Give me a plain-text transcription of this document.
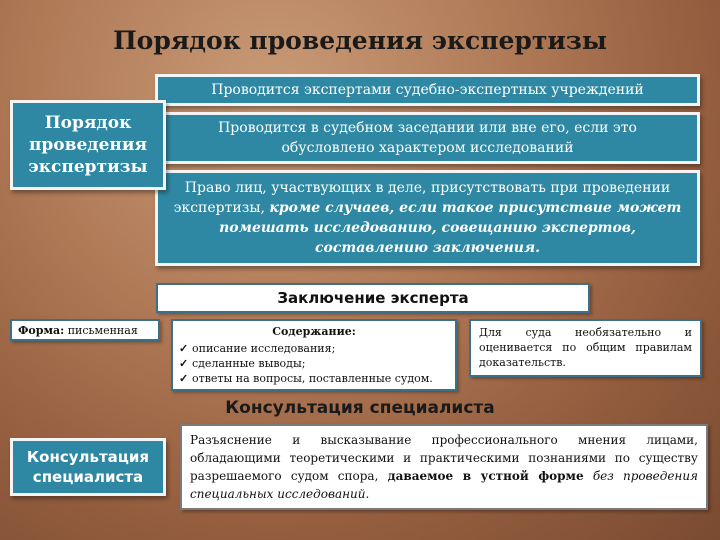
Порядок проведения экспертизы
Порядок проведения экспертизы
Проводится экспертами судебно-экспертных учреждений
Проводится в судебном заседании или вне его, если это обусловлено характером исследований
Право лиц, участвующих в деле, присутствовать при проведении экспертизы, кроме случаев, если такое присутствие может помешать исследованию, совещанию экспертов, составлению заключения.
Заключение эксперта
Форма: письменная	Содержание:
✓ описание исследования;
✓ сделанные выводы;
✓ ответы на вопросы, поставленные судом.
Для суда необязательно и оценивается по общим правилам доказательств.
Консультация специалиста
Консультация специалиста
Разъяснение и высказывание профессионального мнения лицами, обладающими теоретическими и практическими познаниями по существу разрешаемого судом спора, даваемое в устной форме без проведения специальных исследований.
